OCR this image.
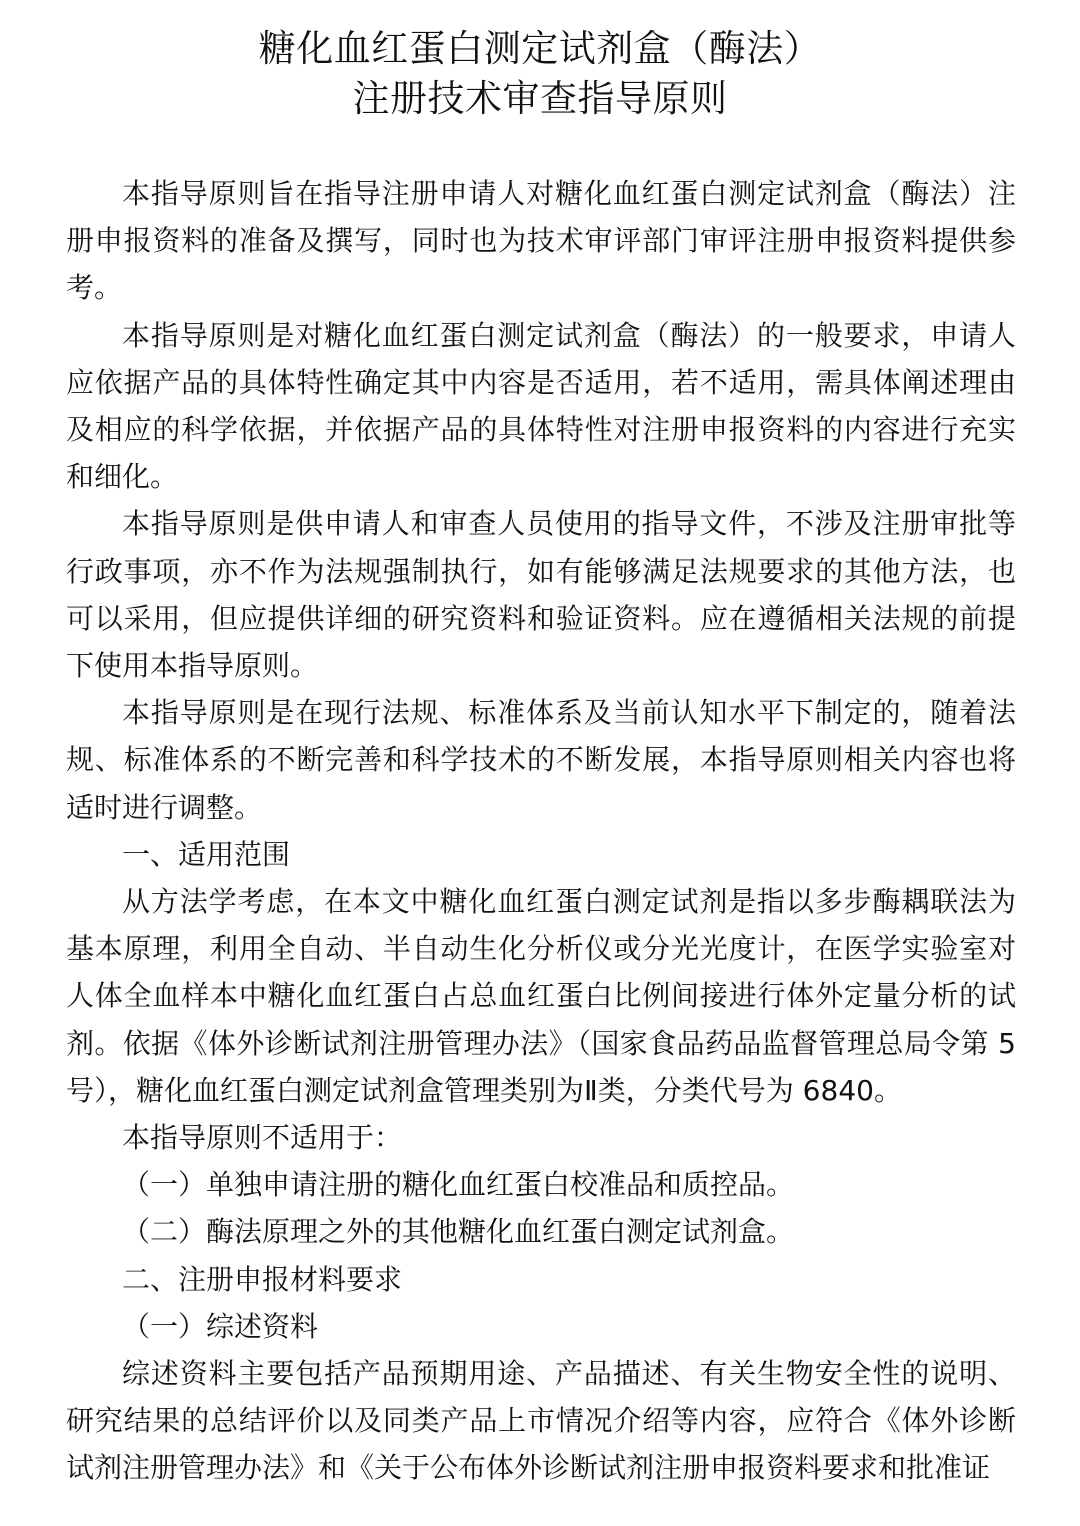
糖化血红蛋白测定试剂盒（酶法）
注册技术审查指导原则

本指导原则旨在指导注册申请人对糖化血红蛋白测定试剂盒（酶法）注册申报资料的准备及撰写，同时也为技术审评部门审评注册申报资料提供参考。

本指导原则是对糖化血红蛋白测定试剂盒（酶法）的一般要求，申请人应依据产品的具体特性确定其中内容是否适用，若不适用，需具体阐述理由及相应的科学依据，并依据产品的具体特性对注册申报资料的内容进行充实和细化。

本指导原则是供申请人和审查人员使用的指导文件，不涉及注册审批等行政事项，亦不作为法规强制执行，如有能够满足法规要求的其他方法，也可以采用，但应提供详细的研究资料和验证资料。应在遵循相关法规的前提下使用本指导原则。

本指导原则是在现行法规、标准体系及当前认知水平下制定的，随着法规、标准体系的不断完善和科学技术的不断发展，本指导原则相关内容也将适时进行调整。

一、适用范围

从方法学考虑，在本文中糖化血红蛋白测定试剂是指以多步酶耦联法为基本原理，利用全自动、半自动生化分析仪或分光光度计，在医学实验室对人体全血样本中糖化血红蛋白占总血红蛋白比例间接进行体外定量分析的试剂。依据《体外诊断试剂注册管理办法》（国家食品药品监督管理总局令第 5 号），糖化血红蛋白测定试剂盒管理类别为Ⅱ类，分类代号为 6840。

本指导原则不适用于：

（一）单独申请注册的糖化血红蛋白校准品和质控品。

（二）酶法原理之外的其他糖化血红蛋白测定试剂盒。

二、注册申报材料要求

（一）综述资料

综述资料主要包括产品预期用途、产品描述、有关生物安全性的说明、研究结果的总结评价以及同类产品上市情况介绍等内容，应符合《体外诊断试剂注册管理办法》和《关于公布体外诊断试剂注册申报资料要求和批准证
